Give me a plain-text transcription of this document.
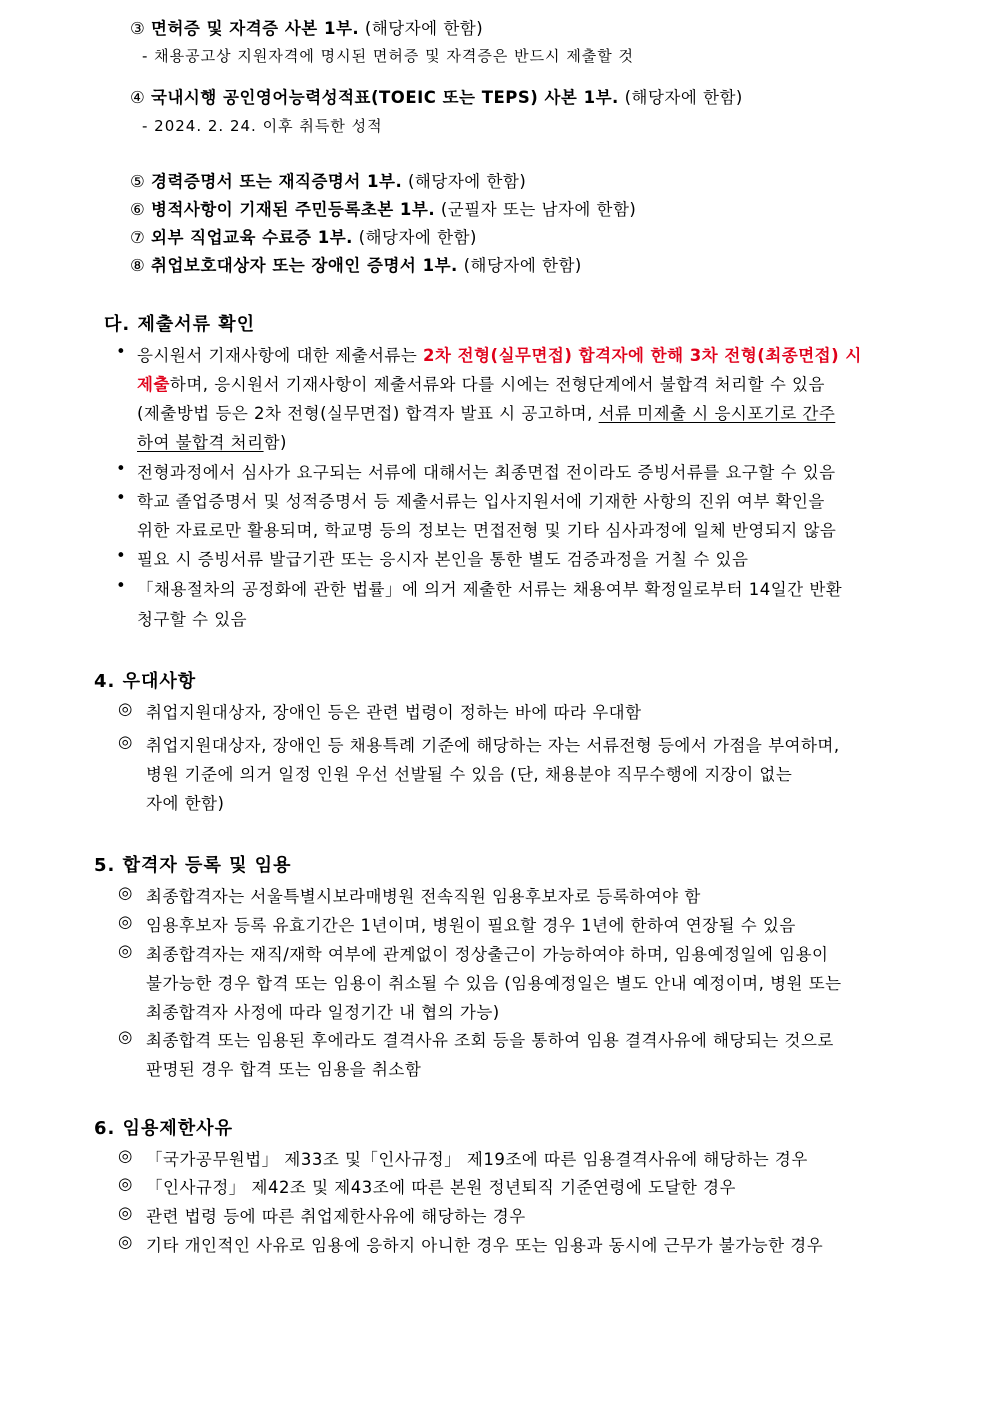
③ 면허증 및 자격증 사본 1부. (해당자에 한함)
- 채용공고상 지원자격에 명시된 면허증 및 자격증은 반드시 제출할 것
④ 국내시행 공인영어능력성적표(TOEIC 또는 TEPS) 사본 1부. (해당자에 한함)
- 2024. 2. 24. 이후 취득한 성적
⑤ 경력증명서 또는 재직증명서 1부. (해당자에 한함)
⑥ 병적사항이 기재된 주민등록초본 1부. (군필자 또는 남자에 한함)
⑦ 외부 직업교육 수료증 1부. (해당자에 한함)
⑧ 취업보호대상자 또는 장애인 증명서 1부. (해당자에 한함)
다. 제출서류 확인
• 응시원서 기재사항에 대한 제출서류는 2차 전형(실무면접) 합격자에 한해 3차 전형(최종면접) 시
제출하며, 응시원서 기재사항이 제출서류와 다를 시에는 전형단계에서 불합격 처리할 수 있음
(제출방법 등은 2차 전형(실무면접) 합격자 발표 시 공고하며, 서류 미제출 시 응시포기로 간주
하여 불합격 처리함)
• 전형과정에서 심사가 요구되는 서류에 대해서는 최종면접 전이라도 증빙서류를 요구할 수 있음
• 학교 졸업증명서 및 성적증명서 등 제출서류는 입사지원서에 기재한 사항의 진위 여부 확인을
위한 자료로만 활용되며, 학교명 등의 정보는 면접전형 및 기타 심사과정에 일체 반영되지 않음
• 필요 시 증빙서류 발급기관 또는 응시자 본인을 통한 별도 검증과정을 거칠 수 있음
• 「채용절차의 공정화에 관한 법률」에 의거 제출한 서류는 채용여부 확정일로부터 14일간 반환
청구할 수 있음
4. 우대사항
◎ 취업지원대상자, 장애인 등은 관련 법령이 정하는 바에 따라 우대함
◎ 취업지원대상자, 장애인 등 채용특례 기준에 해당하는 자는 서류전형 등에서 가점을 부여하며,
병원 기준에 의거 일정 인원 우선 선발될 수 있음 (단, 채용분야 직무수행에 지장이 없는
자에 한함)
5. 합격자 등록 및 임용
◎ 최종합격자는 서울특별시보라매병원 전속직원 임용후보자로 등록하여야 함
◎ 임용후보자 등록 유효기간은 1년이며, 병원이 필요할 경우 1년에 한하여 연장될 수 있음
◎ 최종합격자는 재직/재학 여부에 관계없이 정상출근이 가능하여야 하며, 임용예정일에 임용이
불가능한 경우 합격 또는 임용이 취소될 수 있음 (임용예정일은 별도 안내 예정이며, 병원 또는
최종합격자 사정에 따라 일정기간 내 협의 가능)
◎ 최종합격 또는 임용된 후에라도 결격사유 조회 등을 통하여 임용 결격사유에 해당되는 것으로
판명된 경우 합격 또는 임용을 취소함
6. 임용제한사유
◎ 「국가공무원법」 제33조 및「인사규정」 제19조에 따른 임용결격사유에 해당하는 경우
◎ 「인사규정」 제42조 및 제43조에 따른 본원 정년퇴직 기준연령에 도달한 경우
◎ 관련 법령 등에 따른 취업제한사유에 해당하는 경우
◎ 기타 개인적인 사유로 임용에 응하지 아니한 경우 또는 임용과 동시에 근무가 불가능한 경우
